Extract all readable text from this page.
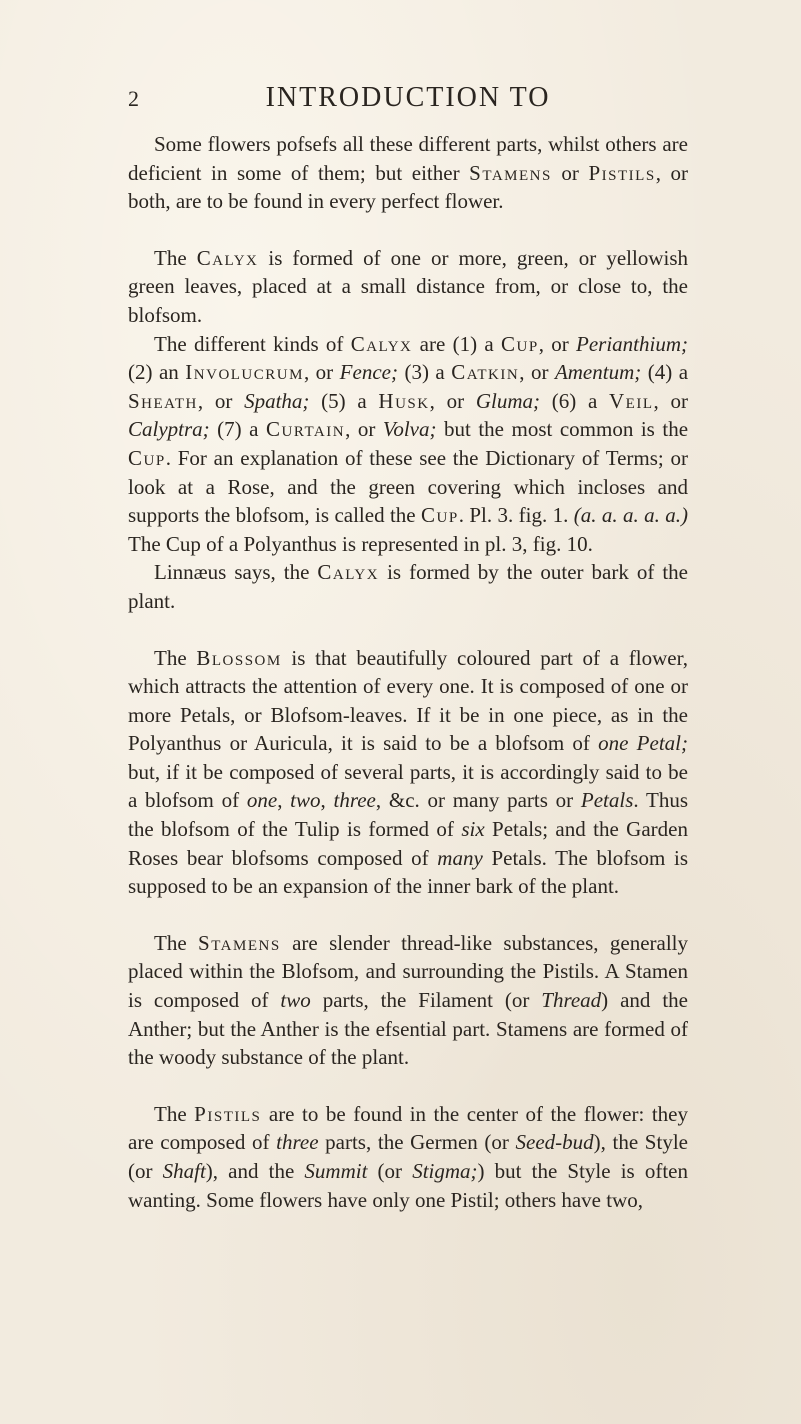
2	INTRODUCTION TO

Some flowers pofsefs all these different parts, whilst others are deficient in some of them; but either Stamens or Pistils, or both, are to be found in every perfect flower.

The Calyx is formed of one or more, green, or yellowish green leaves, placed at a small distance from, or close to, the blofsom.

The different kinds of Calyx are (1) a Cup, or Perianthium; (2) an Involucrum, or Fence; (3) a Catkin, or Amentum; (4) a Sheath, or Spatha; (5) a Husk, or Gluma; (6) a Veil, or Calyptra; (7) a Curtain, or Volva; but the most common is the Cup. For an explanation of these see the Dictionary of Terms; or look at a Rose, and the green covering which incloses and supports the blofsom, is called the Cup. Pl. 3. fig. 1. (a. a. a. a. a.) The Cup of a Polyanthus is represented in pl. 3, fig. 10.

Linnæus says, the Calyx is formed by the outer bark of the plant.

The Blossom is that beautifully coloured part of a flower, which attracts the attention of every one. It is composed of one or more Petals, or Blofsom-leaves. If it be in one piece, as in the Polyanthus or Auricula, it is said to be a blofsom of one Petal; but, if it be composed of several parts, it is accordingly said to be a blofsom of one, two, three, &c. or many parts or Petals. Thus the blofsom of the Tulip is formed of six Petals; and the Garden Roses bear blofsoms composed of many Petals. The blofsom is supposed to be an expansion of the inner bark of the plant.

The Stamens are slender thread-like substances, generally placed within the Blofsom, and surrounding the Pistils. A Stamen is composed of two parts, the Filament (or Thread) and the Anther; but the Anther is the efsential part. Stamens are formed of the woody substance of the plant.

The Pistils are to be found in the center of the flower: they are composed of three parts, the Germen (or Seed-bud), the Style (or Shaft), and the Summit (or Stigma;) but the Style is often wanting. Some flowers have only one Pistil; others have two,
